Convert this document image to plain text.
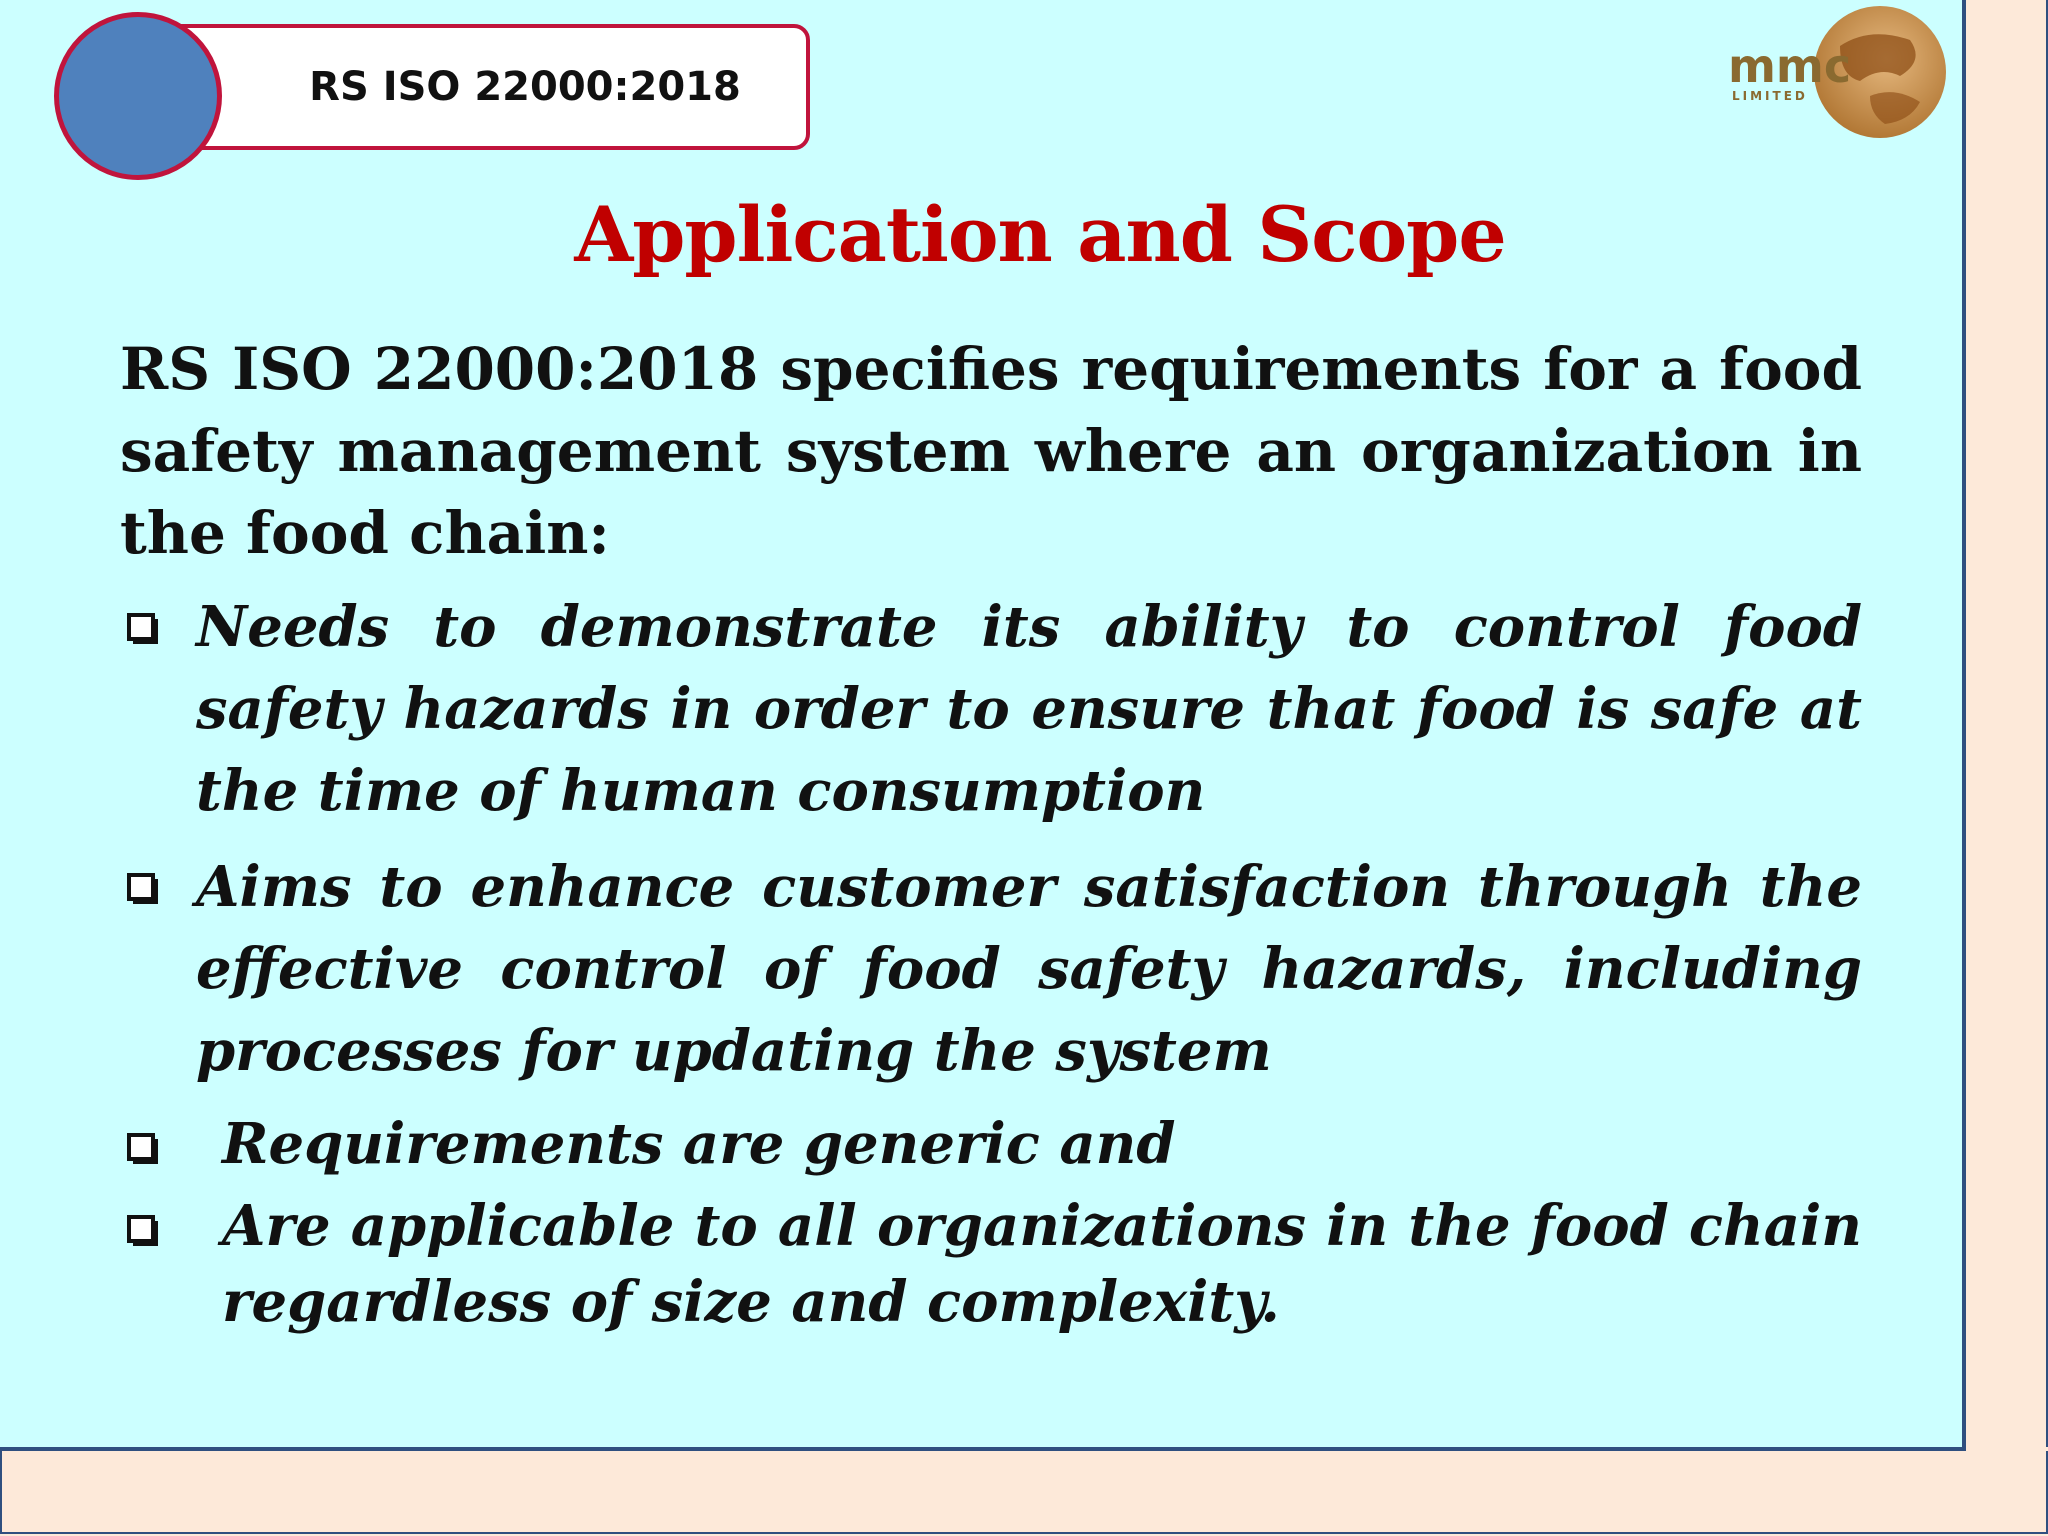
RS ISO 22000:2018	mmc
LIMITED
Application and Scope
RS ISO 22000:2018 specifies requirements for a food safety management system where an organization in the food chain:
Needs to demonstrate its ability to control food safety hazards in order to ensure that food is safe at the time of human consumption
Aims to enhance customer satisfaction through the effective control of food safety hazards, including processes for updating the system
Requirements are generic and
Are applicable to all organizations in the food chain regardless of size and complexity.
